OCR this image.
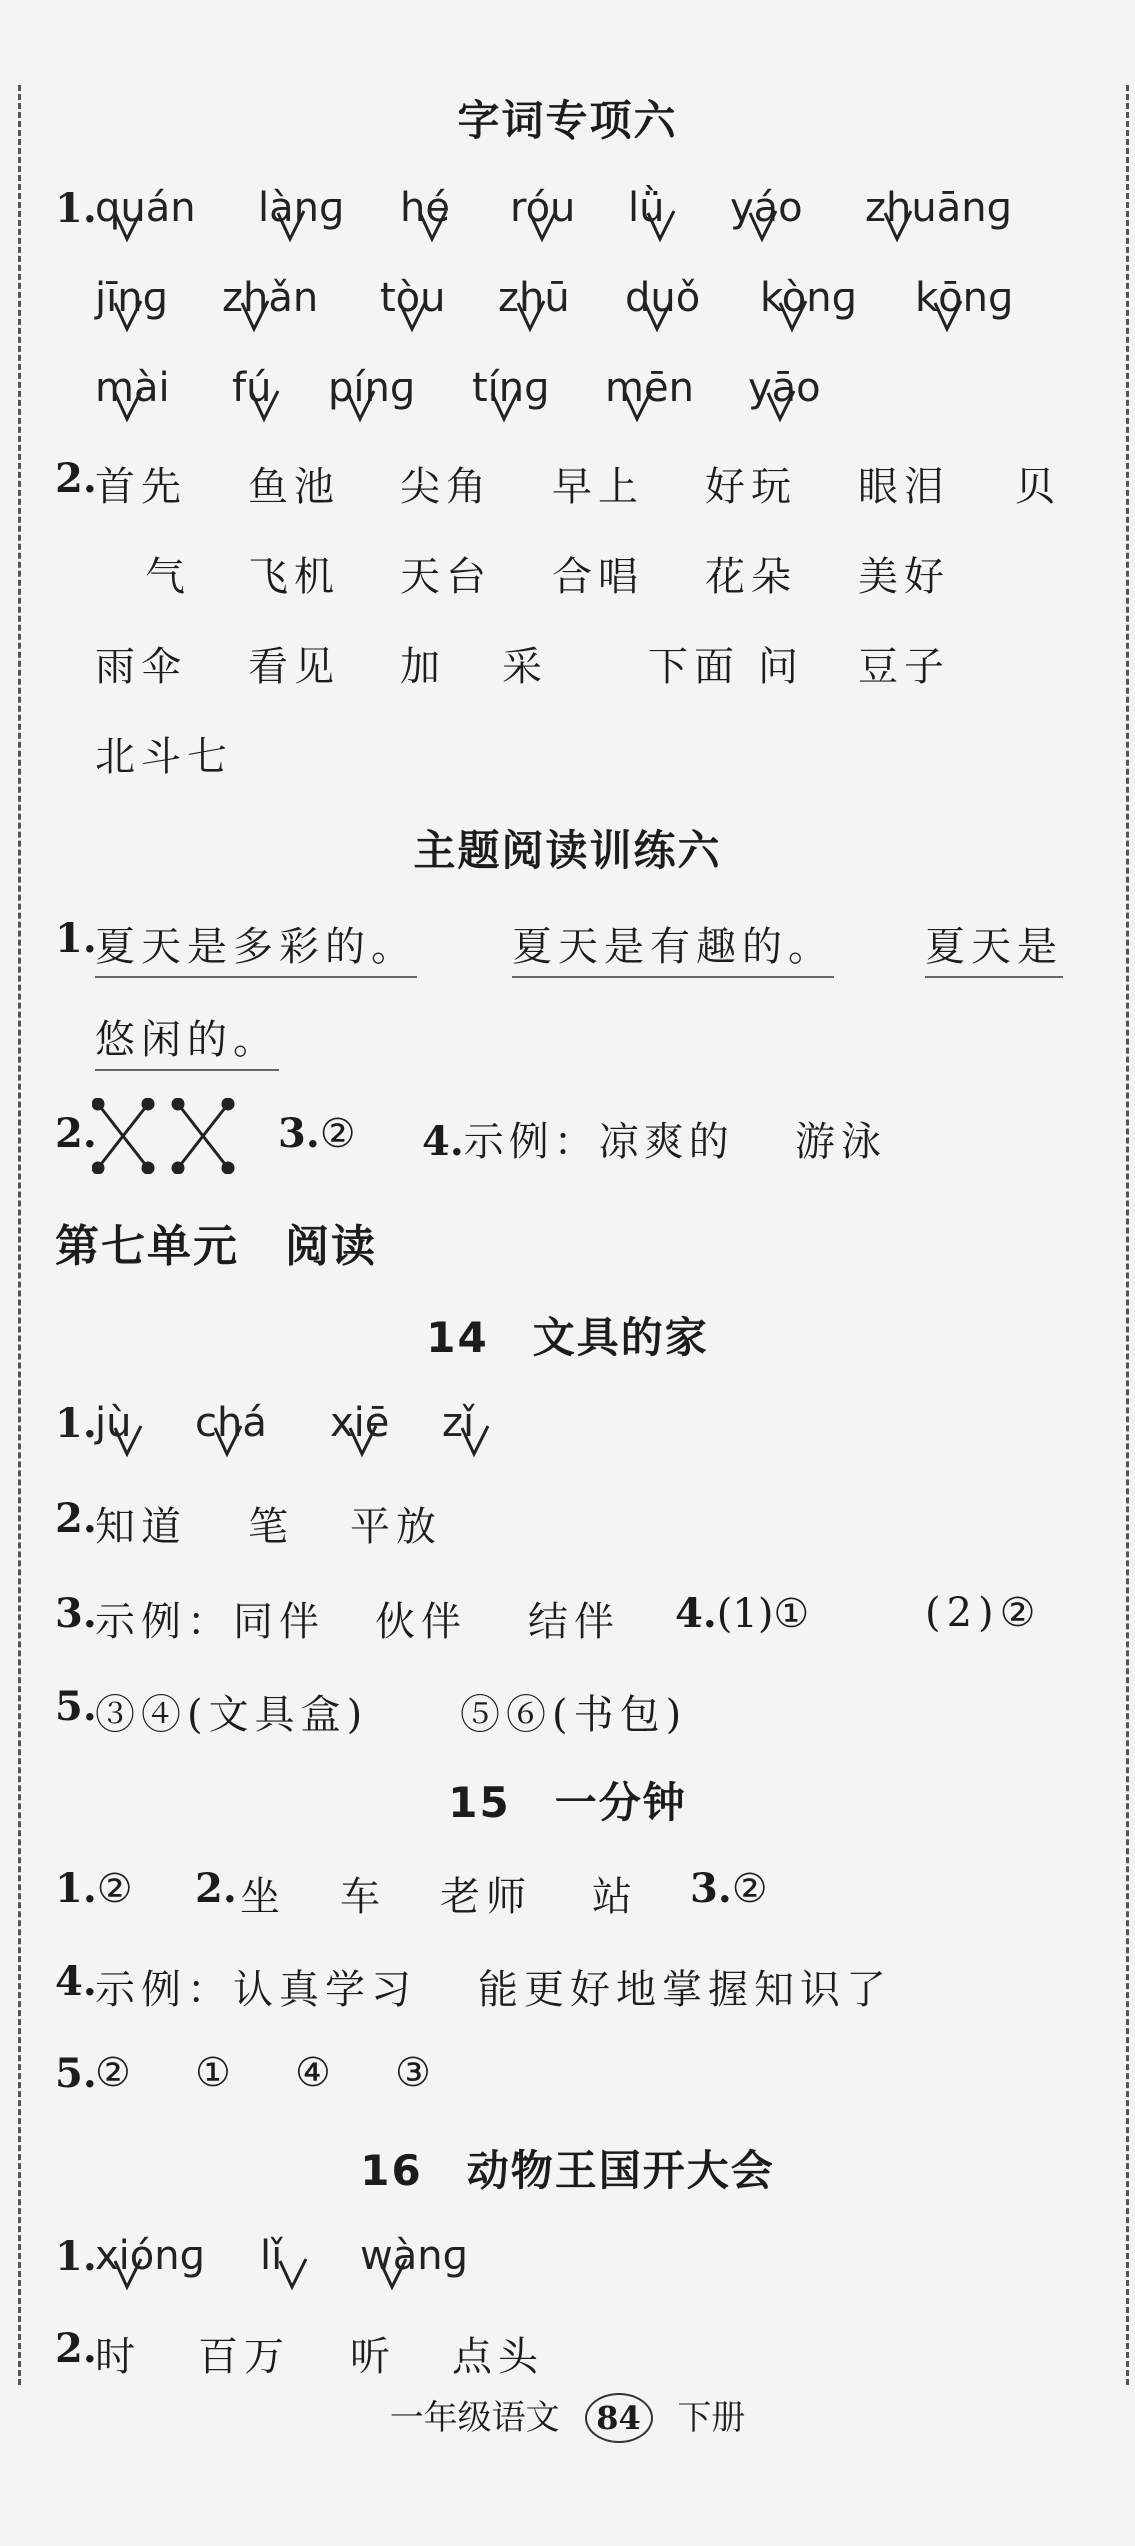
字词专项六
1.
quán lànɡ hé róu lǜ yáo zhuānɡ
jīnɡ zhǎn tòu zhū duǒ kònɡ kōnɡ
mài fú pínɡ tínɡ mēn yāo
2.
首先 鱼池 尖角 早上 好玩 眼泪 贝
气 飞机 天台 合唱 花朵 美好
雨伞 看见 加 采	下面 问 豆子
北斗七
主题阅读训练六
1.
夏天是多彩的。 夏天是有趣的。 夏天是
悠闲的。
2.	3.② 4.示例：凉爽的 游泳
第七单元　阅读
14　文具的家
1.
jù chá xiē zǐ
2.
知道 笔 平放
3.
示例：同伴 伙伴 结伴 4.(1)①	(2)②
5.
③④(文具盒) ⑤⑥(书包)
15　一分钟
1.② 2. 坐 车 老师 站 3.②
4.
示例：认真学习 能更好地掌握知识了
5.
② ① ④ ③
16　动物王国开大会
1.
xiónɡ lǐ wànɡ
2.
时 百万 听 点头
一年级语文 84 下册
